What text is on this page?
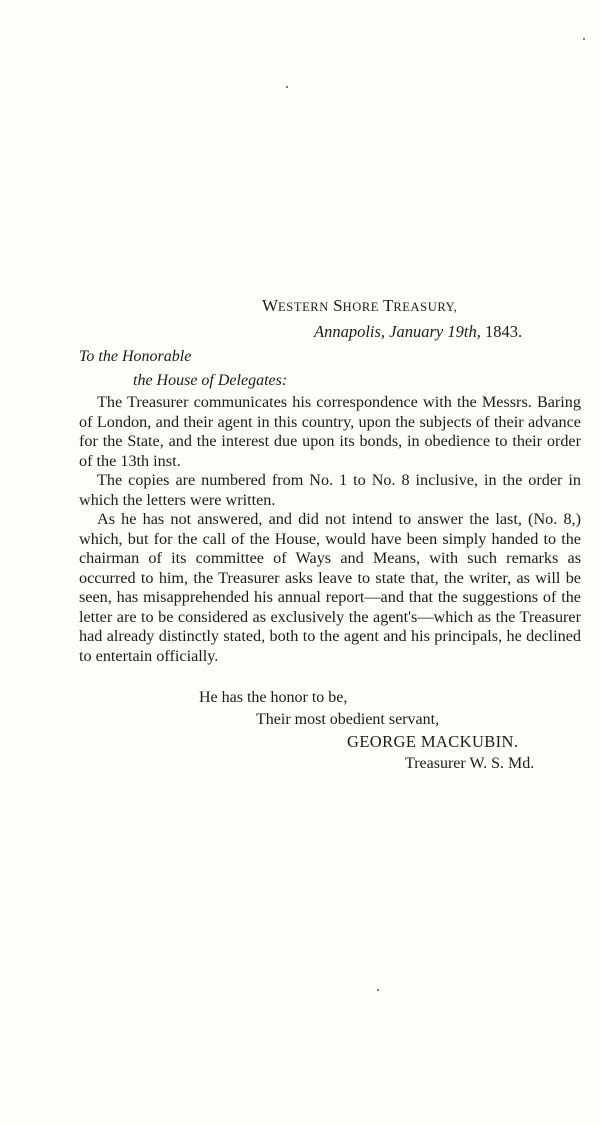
WESTERN SHORE TREASURY,
Annapolis, January 19th, 1843.
To the Honorable
the House of Delegates:

The Treasurer communicates his correspondence with the Messrs. Baring of London, and their agent in this country, upon the subjects of their advance for the State, and the interest due upon its bonds, in obedience to their order of the 13th inst.

The copies are numbered from No. 1 to No. 8 inclusive, in the order in which the letters were written.

As he has not answered, and did not intend to answer the last, (No. 8,) which, but for the call of the House, would have been simply handed to the chairman of its committee of Ways and Means, with such remarks as occurred to him, the Treasurer asks leave to state that, the writer, as will be seen, has misapprehended his annual report—and that the suggestions of the letter are to be considered as exclusively the agent's—which as the Treasurer had already distinctly stated, both to the agent and his principals, he declined to entertain officially.

He has the honor to be,
Their most obedient servant,
GEORGE MACKUBIN.
Treasurer W. S. Md.
